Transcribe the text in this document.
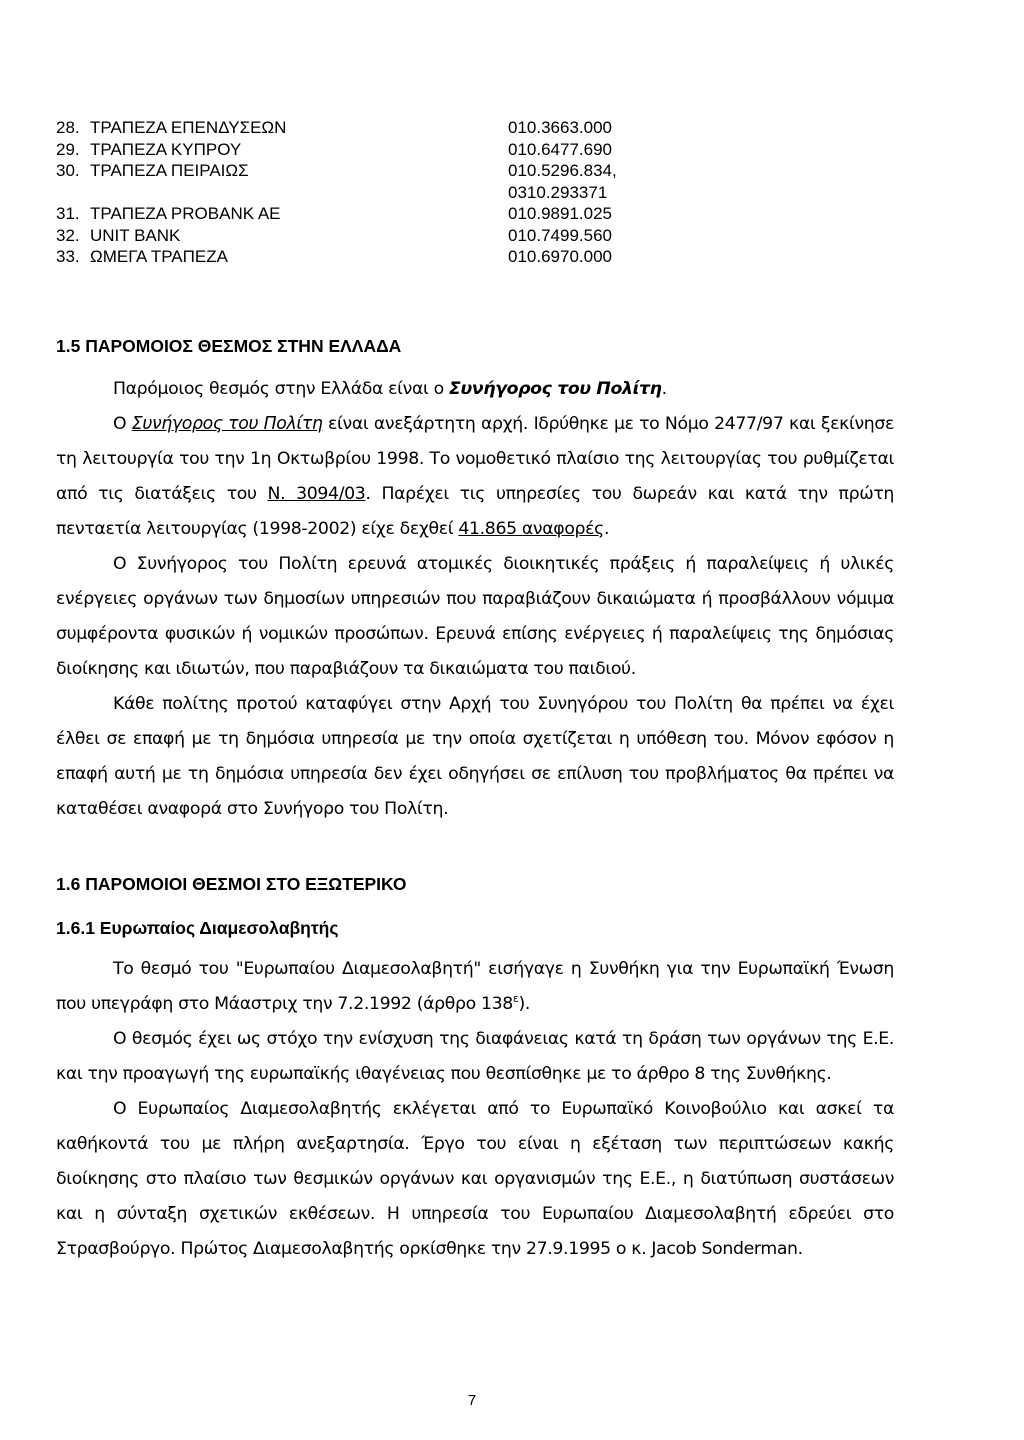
28. ΤΡΑΠΕΖΑ ΕΠΕΝΔΥΣΕΩΝ	010.3663.000
29. ΤΡΑΠΕΖΑ ΚΥΠΡΟΥ	010.6477.690
30. ΤΡΑΠΕΖΑ ΠΕΙΡΑΙΩΣ	010.5296.834,
0310.293371
31. ΤΡΑΠΕΖΑ PROBANK AE	010.9891.025
32. UNIT BANK	010.7499.560
33. ΩΜΕΓΑ ΤΡΑΠΕΖΑ	010.6970.000
1.5 ΠΑΡΟΜΟΙΟΣ ΘΕΣΜΟΣ ΣΤΗΝ ΕΛΛΑΔΑ

Παρόμοιος θεσμός στην Ελλάδα είναι ο Συνήγορος του Πολίτη.

Ο Συνήγορος του Πολίτη είναι ανεξάρτητη αρχή. Ιδρύθηκε με το Νόμο 2477/97 και ξεκίνησε τη λειτουργία του την 1η Οκτωβρίου 1998. Το νομοθετικό πλαίσιο της λειτουργίας του ρυθμίζεται από τις διατάξεις του Ν. 3094/03. Παρέχει τις υπηρεσίες του δωρεάν και κατά την πρώτη πενταετία λειτουργίας (1998-2002) είχε δεχθεί 41.865 αναφορές.

Ο Συνήγορος του Πολίτη ερευνά ατομικές διοικητικές πράξεις ή παραλείψεις ή υλικές ενέργειες οργάνων των δημοσίων υπηρεσιών που παραβιάζουν δικαιώματα ή προσβάλλουν νόμιμα συμφέροντα φυσικών ή νομικών προσώπων. Ερευνά επίσης ενέργειες ή παραλείψεις της δημόσιας διοίκησης και ιδιωτών, που παραβιάζουν τα δικαιώματα του παιδιού.

Κάθε πολίτης προτού καταφύγει στην Αρχή του Συνηγόρου του Πολίτη θα πρέπει να έχει έλθει σε επαφή με τη δημόσια υπηρεσία με την οποία σχετίζεται η υπόθεση του. Μόνον εφόσον η επαφή αυτή με τη δημόσια υπηρεσία δεν έχει οδηγήσει σε επίλυση του προβλήματος θα πρέπει να καταθέσει αναφορά στο Συνήγορο του Πολίτη.

1.6 ΠΑΡΟΜΟΙΟΙ ΘΕΣΜΟΙ ΣΤΟ ΕΞΩΤΕΡΙΚΟ
1.6.1 Ευρωπαίος Διαμεσολαβητής

Το θεσμό του "Ευρωπαίου Διαμεσολαβητή" εισήγαγε η Συνθήκη για την Ευρωπαϊκή Ένωση που υπεγράφη στο Μάαστριχ την 7.2.1992 (άρθρο $138^\varepsilon$).

Ο θεσμός έχει ως στόχο την ενίσχυση της διαφάνειας κατά τη δράση των οργάνων της Ε.Ε. και την προαγωγή της ευρωπαϊκής ιθαγένειας που θεσπίσθηκε με το άρθρο 8 της Συνθήκης.

Ο Ευρωπαίος Διαμεσολαβητής εκλέγεται από το Ευρωπαϊκό Κοινοβούλιο και ασκεί τα καθήκοντά του με πλήρη ανεξαρτησία. Έργο του είναι η εξέταση των περιπτώσεων κακής διοίκησης στο πλαίσιο των θεσμικών οργάνων και οργανισμών της Ε.Ε., η διατύπωση συστάσεων και η σύνταξη σχετικών εκθέσεων. Η υπηρεσία του Ευρωπαίου Διαμεσολαβητή εδρεύει στο Στρασβούργο. Πρώτος Διαμεσολαβητής ορκίσθηκε την 27.9.1995 ο κ. Jacob Sonderman.

7
